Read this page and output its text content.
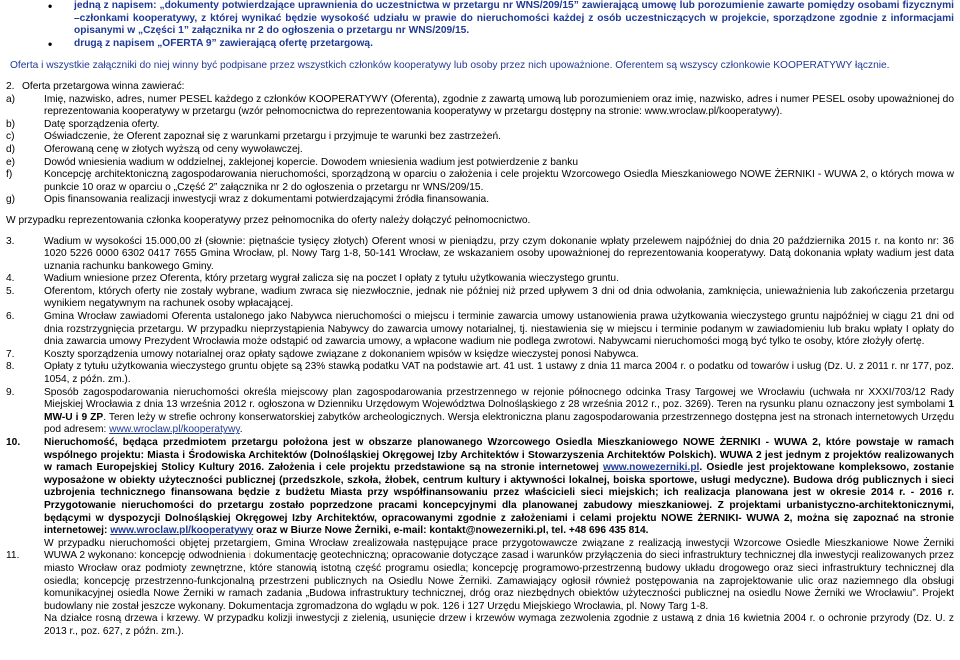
•
jedną z napisem: „dokumenty potwierdzające uprawnienia do uczestnictwa w przetargu nr WNS/209/15” zawierającą umowę lub porozumienie zawarte pomiędzy osobami fizycznymi –członkami kooperatywy, z której wynikać będzie wysokość udziału w prawie do nieruchomości każdej z osób uczestniczących w projekcie, sporządzone zgodnie z informacjami opisanymi w „Części 1” załącznika nr 2 do ogłoszenia o przetargu nr WNS/209/15.
•
drugą z napisem „OFERTA 9” zawierającą ofertę przetargową.

Oferta i wszystkie załączniki do niej winny być podpisane przez wszystkich członków kooperatywy lub osoby przez nich upoważnione. Oferentem są wszyscy członkowie KOOPERATYWY łącznie.

2. Oferta przetargowa winna zawierać:
a)	Imię, nazwisko, adres, numer PESEL każdego z członków KOOPERATYWY (Oferenta), zgodnie z zawartą umową lub porozumieniem oraz imię, nazwisko, adres i numer PESEL osoby upoważnionej do reprezentowania kooperatywy w przetargu (wzór pełnomocnictwa do reprezentowania kooperatywy w przetargu dostępny na stronie: www.wroclaw.pl/kooperatywy).
b)	Datę sporządzenia oferty.
c)	Oświadczenie, że Oferent zapoznał się z warunkami przetargu i przyjmuje te warunki bez zastrzeżeń.
d)	Oferowaną cenę w złotych wyższą od ceny wywoławczej.
e)	Dowód wniesienia wadium w oddzielnej, zaklejonej kopercie. Dowodem wniesienia wadium jest potwierdzenie z banku
f)	Koncepcję architektoniczną zagospodarowania nieruchomości, sporządzoną w oparciu o założenia i cele projektu Wzorcowego Osiedla Mieszkaniowego NOWE ŻERNIKI - WUWA 2, o których mowa w punkcie 10 oraz w oparciu o „Część 2” załącznika nr 2 do ogłoszenia o przetargu nr WNS/209/15.
g)	Opis finansowania realizacji inwestycji wraz z dokumentami potwierdzającymi źródła finansowania.

W przypadku reprezentowania członka kooperatywy przez pełnomocnika do oferty należy dołączyć pełnomocnictwo.

3.	Wadium w wysokości 15.000,00 zł (słownie: piętnaście tysięcy złotych) Oferent wnosi w pieniądzu, przy czym dokonanie wpłaty przelewem najpóźniej do dnia 20 października 2015 r. na konto nr: 36 1020 5226 0000 6302 0417 7655 Gmina Wrocław, pl. Nowy Targ 1-8, 50-141 Wrocław, ze wskazaniem osoby upoważnionej do reprezentowania kooperatywy. Datą dokonania wpłaty wadium jest data uznania rachunku bankowego Gminy.
4.	Wadium wniesione przez Oferenta, który przetarg wygrał zalicza się na poczet I opłaty z tytułu użytkowania wieczystego gruntu.
5.	Oferentom, których oferty nie zostały wybrane, wadium zwraca się niezwłocznie, jednak nie później niż przed upływem 3 dni od dnia odwołania, zamknięcia, unieważnienia lub zakończenia przetargu wynikiem negatywnym na rachunek osoby wpłacającej.
6.	Gmina Wrocław zawiadomi Oferenta ustalonego jako Nabywca nieruchomości o miejscu i terminie zawarcia umowy ustanowienia prawa użytkowania wieczystego gruntu najpóźniej w ciągu 21 dni od dnia rozstrzygnięcia przetargu. W przypadku nieprzystąpienia Nabywcy do zawarcia umowy notarialnej, tj. niestawienia się w miejscu i terminie podanym w zawiadomieniu lub braku wpłaty I opłaty do dnia zawarcia umowy Prezydent Wrocławia może odstąpić od zawarcia umowy, a wpłacone wadium nie podlega zwrotowi. Nabywcami nieruchomości mogą być tylko te osoby, które złożyły ofertę.
7.	Koszty sporządzenia umowy notarialnej oraz opłaty sądowe związane z dokonaniem wpisów w księdze wieczystej ponosi Nabywca.
8.	Opłaty z tytułu użytkowania wieczystego gruntu objęte są 23% stawką podatku VAT na podstawie art. 41 ust. 1 ustawy z dnia 11 marca 2004 r. o podatku od towarów i usług (Dz. U. z 2011 r. nr 177, poz. 1054, z późn. zm.).
9.	Sposób zagospodarowania nieruchomości określa miejscowy plan zagospodarowania przestrzennego w rejonie północnego odcinka Trasy Targowej we Wrocławiu (uchwała nr XXXI/703/12 Rady Miejskiej Wrocławia z dnia 13 września 2012 r. ogłoszona w Dzienniku Urzędowym Województwa Dolnośląskiego z 28 września 2012 r., poz. 3269). Teren na rysunku planu oznaczony jest symbolami 1 MW-U i 9 ZP. Teren leży w strefie ochrony konserwatorskiej zabytków archeologicznych. Wersja elektroniczna planu zagospodarowania przestrzennego dostępna jest na stronach internetowych Urzędu pod adresem: www.wroclaw.pl/kooperatywy.
10.	Nieruchomość, będąca przedmiotem przetargu położona jest w obszarze planowanego Wzorcowego Osiedla Mieszkaniowego NOWE ŻERNIKI - WUWA 2, które powstaje w ramach wspólnego projektu: Miasta i Środowiska Architektów (Dolnośląskiej Okręgowej Izby Architektów i Stowarzyszenia Architektów Polskich). WUWA 2 jest jednym z projektów realizowanych w ramach Europejskiej Stolicy Kultury 2016. Założenia i cele projektu przedstawione są na stronie internetowej www.nowezerniki.pl. Osiedle jest projektowane kompleksowo, zostanie wyposażone w obiekty użyteczności publicznej (przedszkole, szkoła, żłobek, centrum kultury i aktywności lokalnej, boiska sportowe, usługi medyczne). Budowa dróg publicznych i sieci uzbrojenia technicznego finansowana będzie z budżetu Miasta przy współfinansowaniu przez właścicieli sieci miejskich; ich realizacja planowana jest w okresie 2014 r. - 2016 r. Przygotowanie nieruchomości do przetargu zostało poprzedzone pracami koncepcyjnymi dla planowanej zabudowy mieszkaniowej. Z projektami urbanistyczno-architektonicznymi, będącymi w dyspozycji Dolnośląskiej Okręgowej Izby Architektów, opracowanymi zgodnie z założeniami i celami projektu NOWE ŻERNIKI- WUWA 2, można się zapoznać na stronie internetowej: www.wroclaw.pl/kooperatywy oraz w Biurze Nowe Żerniki, e-mail: kontakt@nowezerniki.pl, tel. +48 696 435 814.
11.
W przypadku nieruchomości objętej przetargiem, Gmina Wrocław zrealizowała następujące prace przygotowawcze związane z realizacją inwestycji Wzorcowe Osiedle Mieszkaniowe Nowe Żerniki WUWA 2 wykonano: koncepcję odwodnienia i dokumentację geotechniczną; opracowanie dotyczące zasad i warunków przyłączenia do sieci infrastruktury technicznej dla inwestycji realizowanych przez miasto Wrocław oraz podmioty zewnętrzne, które stanowią istotną część programu osiedla; koncepcję programowo-przestrzenną budowy układu drogowego oraz sieci infrastruktury technicznej dla osiedla; koncepcję przestrzenno-funkcjonalną przestrzeni publicznych na Osiedlu Nowe Żerniki. Zamawiający ogłosił również postępowania na zaprojektowanie ulic oraz naziemnego dla obsługi komunikacyjnej osiedla Nowe Żerniki w ramach zadania „Budowa infrastruktury technicznej, dróg oraz niezbędnych obiektów użyteczności publicznej na osiedlu Nowe Żerniki we Wrocławiu”. Projekt budowlany nie został jeszcze wykonany. Dokumentacja zgromadzona do wglądu w pok. 126 i 127 Urzędu Miejskiego Wrocławia, pl. Nowy Targ 1-8.
Na działce rosną drzewa i krzewy. W przypadku kolizji inwestycji z zielenią, usunięcie drzew i krzewów wymaga zezwolenia zgodnie z ustawą z dnia 16 kwietnia 2004 r. o ochronie przyrody (Dz. U. z 2013 r., poz. 627, z późn. zm.).
